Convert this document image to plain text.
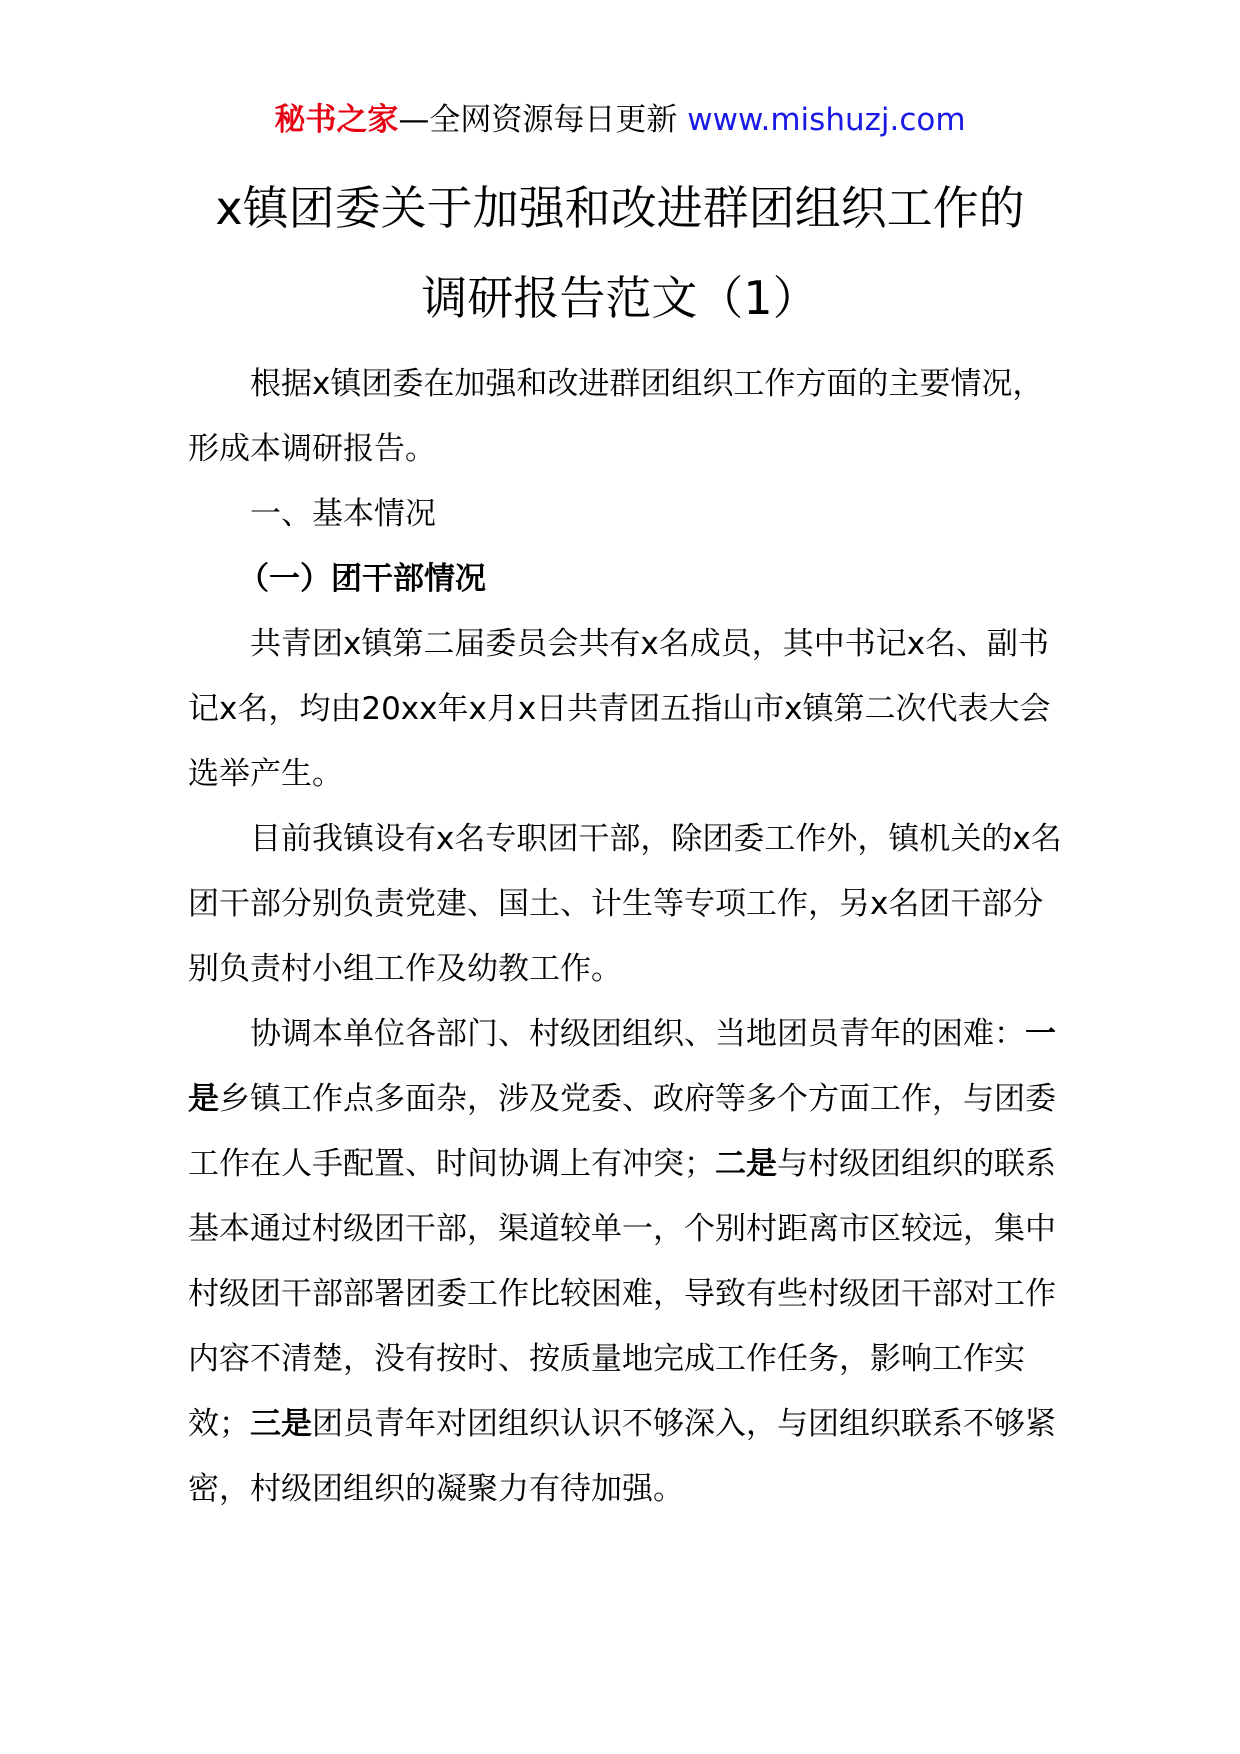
秘书之家—全网资源每日更新 www.mishuzj.com
x镇团委关于加强和改进群团组织工作的
调研报告范文（1）

根据x镇团委在加强和改进群团组织工作方面的主要情况，形成本调研报告。

一、基本情况

（一）团干部情况

共青团x镇第二届委员会共有x名成员，其中书记x名、副书记x名，均由20xx年x月x日共青团五指山市x镇第二次代表大会选举产生。

目前我镇设有x名专职团干部，除团委工作外，镇机关的x名团干部分别负责党建、国土、计生等专项工作，另x名团干部分别负责村小组工作及幼教工作。

协调本单位各部门、村级团组织、当地团员青年的困难：一是乡镇工作点多面杂，涉及党委、政府等多个方面工作，与团委工作在人手配置、时间协调上有冲突；二是与村级团组织的联系基本通过村级团干部，渠道较单一，个别村距离市区较远，集中村级团干部部署团委工作比较困难，导致有些村级团干部对工作内容不清楚，没有按时、按质量地完成工作任务，影响工作实效；三是团员青年对团组织认识不够深入，与团组织联系不够紧密，村级团组织的凝聚力有待加强。
